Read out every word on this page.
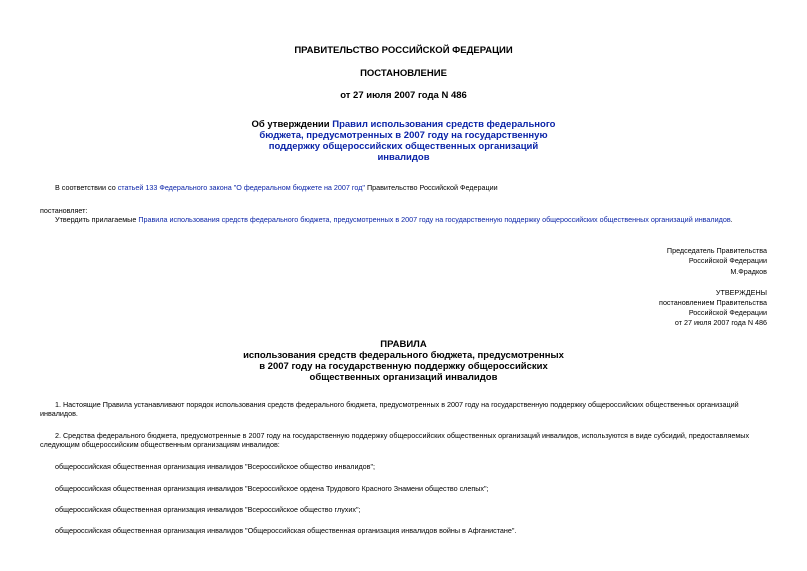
ПРАВИТЕЛЬСТВО РОССИЙСКОЙ ФЕДЕРАЦИИ
ПОСТАНОВЛЕНИЕ
от 27 июля 2007 года N 486
Об утверждении Правил использования средств федерального
бюджета, предусмотренных в 2007 году на государственную
поддержку общероссийских общественных организаций
инвалидов
В соответствии со статьей 133 Федерального закона "О федеральном бюджете на 2007 год" Правительство Российской Федерации
постановляет:
Утвердить прилагаемые Правила использования средств федерального бюджета, предусмотренных в 2007 году на государственную поддержку общероссийских общественных организаций инвалидов.
Председатель Правительства
Российской Федерации
М.Фрадков
УТВЕРЖДЕНЫ
постановлением Правительства
Российской Федерации
от 27 июля 2007 года N 486
ПРАВИЛА
использования средств федерального бюджета, предусмотренных
в 2007 году на государственную поддержку общероссийских
общественных организаций инвалидов
1. Настоящие Правила устанавливают порядок использования средств федерального бюджета, предусмотренных в 2007 году на государственную поддержку общероссийских общественных организаций
инвалидов.
2. Средства федерального бюджета, предусмотренные в 2007 году на государственную поддержку общероссийских общественных организаций инвалидов, используются в виде субсидий, предоставляемых
следующим общероссийским общественным организациям инвалидов:
общероссийская общественная организация инвалидов "Всероссийское общество инвалидов";
общероссийская общественная организация инвалидов "Всероссийское ордена Трудового Красного Знамени общество слепых";
общероссийская общественная организация инвалидов "Всероссийское общество глухих";
общероссийская общественная организация инвалидов "Общероссийская общественная организация инвалидов войны в Афганистане".
